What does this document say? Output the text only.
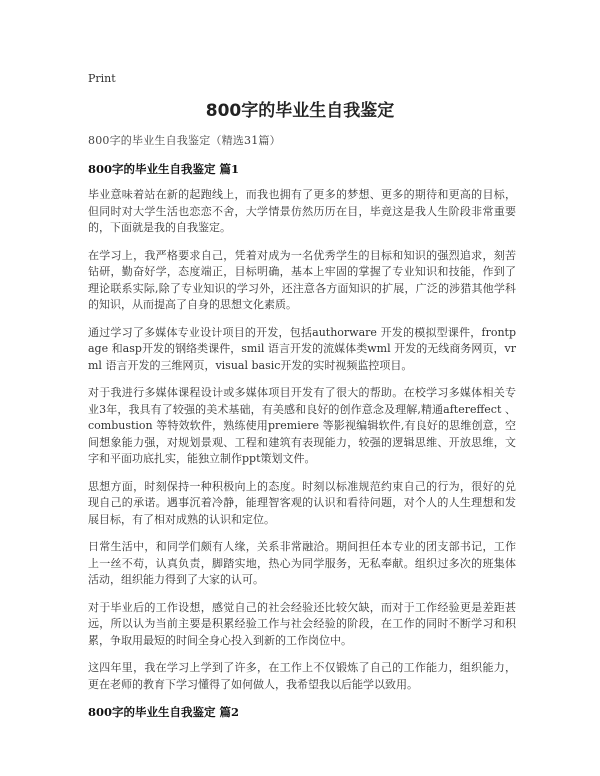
Print
800字的毕业生自我鉴定

800字的毕业生自我鉴定（精选31篇）

800字的毕业生自我鉴定 篇1

毕业意味着站在新的起跑线上，而我也拥有了更多的梦想、更多的期待和更高的目标，但同时对大学生活也恋恋不舍，大学情景仿然历历在目，毕竟这是我人生阶段非常重要的，下面就是我的自我鉴定。

在学习上，我严格要求自己，凭着对成为一名优秀学生的目标和知识的强烈追求，刻苦钻研，勤奋好学，态度端正，目标明确，基本上牢固的掌握了专业知识和技能，作到了理论联系实际,除了专业知识的学习外，还注意各方面知识的扩展，广泛的涉猎其他学科的知识，从而提高了自身的思想文化素质。

通过学习了多媒体专业设计项目的开发，包括authorware 开发的模拟型课件，frontpage 和asp开发的钢络类课件，smil 语言开发的流媒体类wml 开发的无线商务网页，vrml 语言开发的三维网页，visual basic开发的实时视频监控项目。

对于我进行多媒体课程设计或多媒体项目开发有了很大的帮助。在校学习多媒体相关专业3年，我具有了较强的美术基础，有美感和良好的创作意念及理解,精通aftereffect 、combustion 等特效软件，熟练使用premiere 等影视编辑软件,有良好的思维创意，空间想象能力强，对规划景观、工程和建筑有表现能力，较强的逻辑思维、开放思维，文字和平面功底扎实，能独立制作ppt策划文件。

思想方面，时刻保持一种积极向上的态度。时刻以标准规范约束自己的行为，很好的兑现自己的承诺。遇事沉着冷静，能理智客观的认识和看待问题，对个人的人生理想和发展目标，有了相对成熟的认识和定位。

日常生活中，和同学们颇有人缘，关系非常融洽。期间担任本专业的团支部书记，工作上一丝不苟，认真负责，脚踏实地，热心为同学服务，无私奉献。组织过多次的班集体活动，组织能力得到了大家的认可。

对于毕业后的工作设想，感觉自己的社会经验还比较欠缺，而对于工作经验更是差距甚远，所以认为当前主要是积累经验工作与社会经验的阶段，在工作的同时不断学习和积累，争取用最短的时间全身心投入到新的工作岗位中。

这四年里，我在学习上学到了许多，在工作上不仅锻炼了自己的工作能力，组织能力，更在老师的教育下学习懂得了如何做人，我希望我以后能学以致用。

800字的毕业生自我鉴定 篇2
